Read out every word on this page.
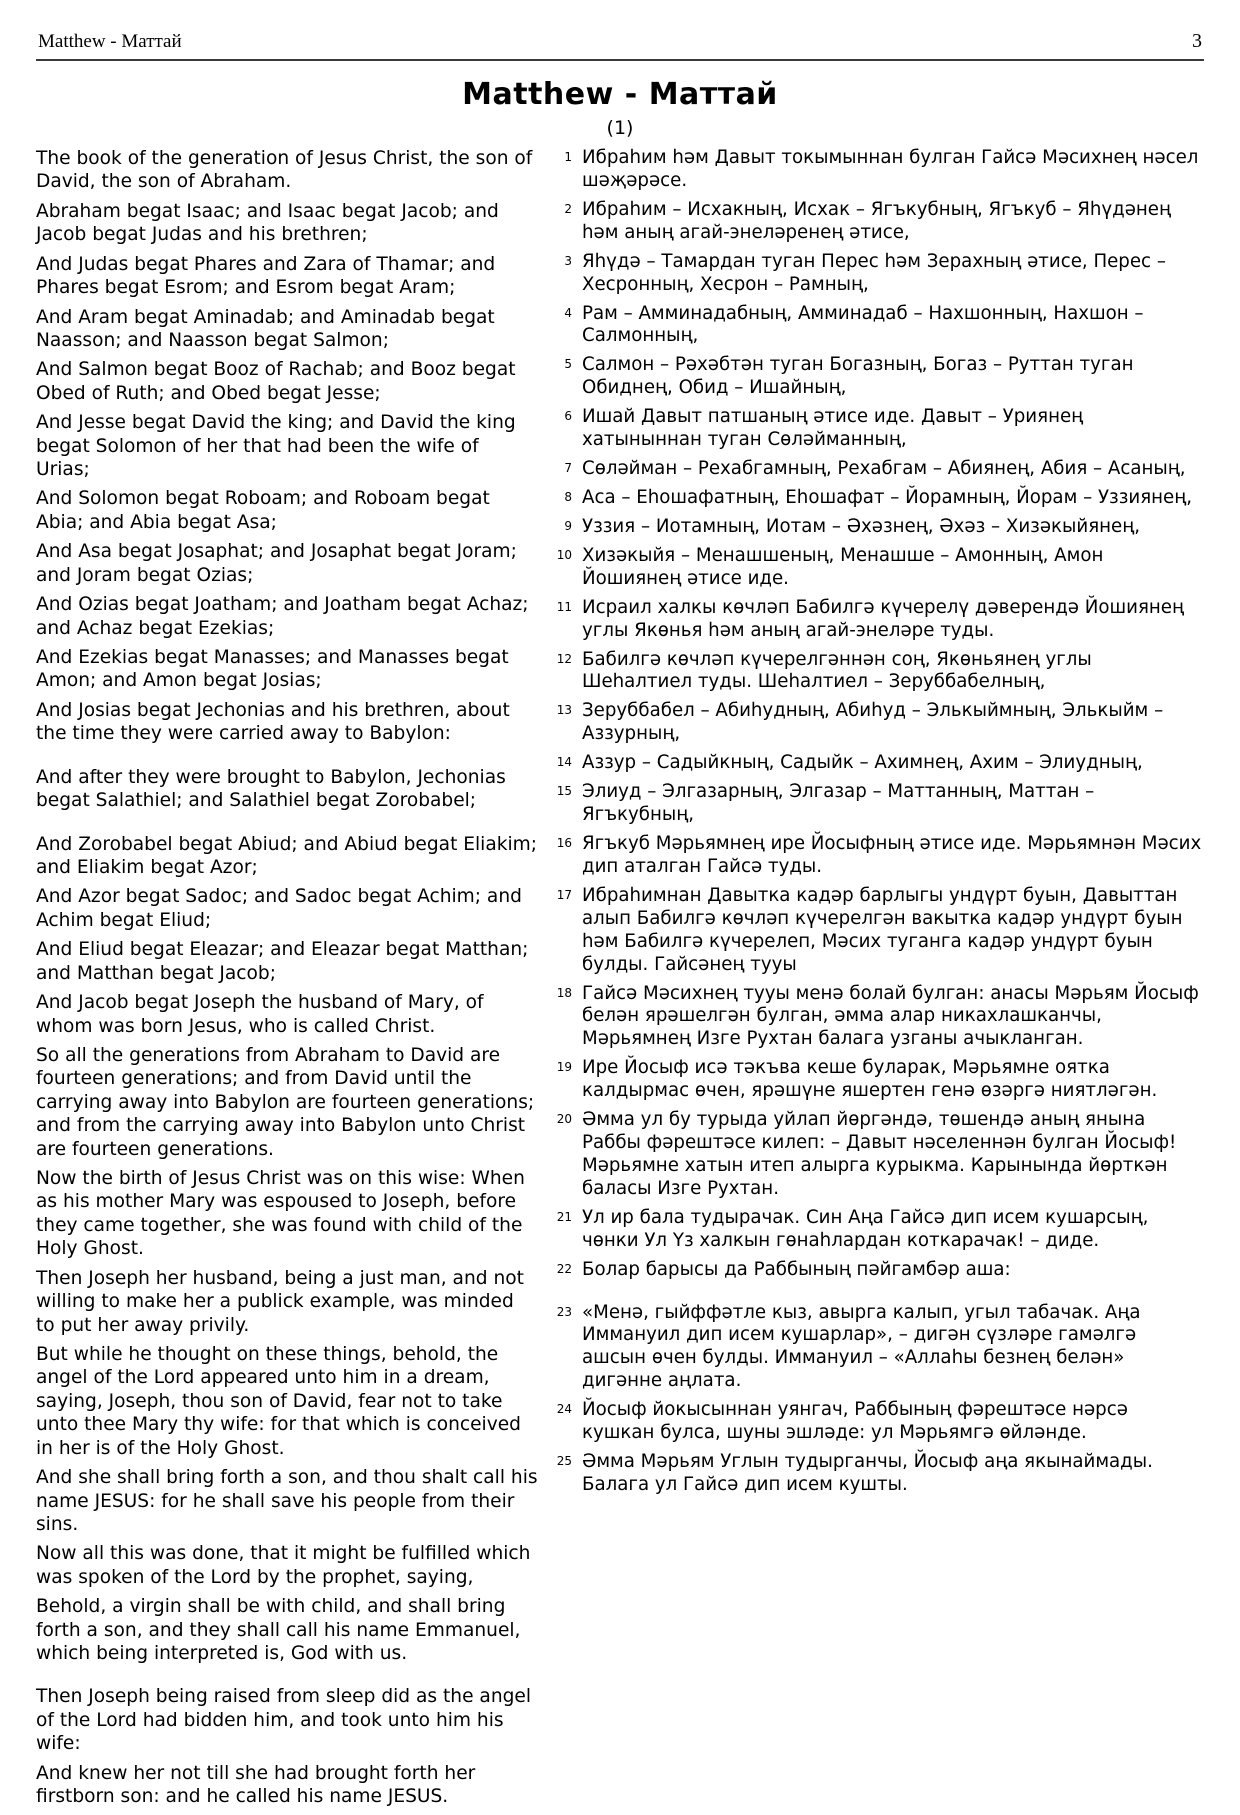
Matthew - Маттай	3
Matthew - Маттай
(1)
The book of the generation of Jesus Christ, the son of David, the son of Abraham.
Abraham begat Isaac; and Isaac begat Jacob; and Jacob begat Judas and his brethren;
And Judas begat Phares and Zara of Thamar; and Phares begat Esrom; and Esrom begat Aram;
And Aram begat Aminadab; and Aminadab begat Naasson; and Naasson begat Salmon;
And Salmon begat Booz of Rachab; and Booz begat Obed of Ruth; and Obed begat Jesse;
And Jesse begat David the king; and David the king begat Solomon of her that had been the wife of Urias;
And Solomon begat Roboam; and Roboam begat Abia; and Abia begat Asa;
And Asa begat Josaphat; and Josaphat begat Joram; and Joram begat Ozias;
And Ozias begat Joatham; and Joatham begat Achaz; and Achaz begat Ezekias;
And Ezekias begat Manasses; and Manasses begat Amon; and Amon begat Josias;
And Josias begat Jechonias and his brethren, about the time they were carried away to Babylon:
And after they were brought to Babylon, Jechonias begat Salathiel; and Salathiel begat Zorobabel;
And Zorobabel begat Abiud; and Abiud begat Eliakim; and Eliakim begat Azor;
And Azor begat Sadoc; and Sadoc begat Achim; and Achim begat Eliud;
And Eliud begat Eleazar; and Eleazar begat Matthan; and Matthan begat Jacob;
And Jacob begat Joseph the husband of Mary, of whom was born Jesus, who is called Christ.
So all the generations from Abraham to David are fourteen generations; and from David until the carrying away into Babylon are fourteen generations; and from the carrying away into Babylon unto Christ are fourteen generations.
Now the birth of Jesus Christ was on this wise: When as his mother Mary was espoused to Joseph, before they came together, she was found with child of the Holy Ghost.
Then Joseph her husband, being a just man, and not willing to make her a publick example, was minded to put her away privily.
But while he thought on these things, behold, the angel of the Lord appeared unto him in a dream, saying, Joseph, thou son of David, fear not to take unto thee Mary thy wife: for that which is conceived in her is of the Holy Ghost.
And she shall bring forth a son, and thou shalt call his name JESUS: for he shall save his people from their sins.
Now all this was done, that it might be fulfilled which was spoken of the Lord by the prophet, saying,
Behold, a virgin shall be with child, and shall bring forth a son, and they shall call his name Emmanuel, which being interpreted is, God with us.
Then Joseph being raised from sleep did as the angel of the Lord had bidden him, and took unto him his wife:
And knew her not till she had brought forth her firstborn son: and he called his name JESUS.
1 Ибраһим һәм Давыт токымыннан булган Гайсә Мәсихнең нәсел шәҗәрәсе.
2 Ибраһим – Исхакның, Исхак – Ягъкубның, Ягъкуб – Яһүдәнең һәм аның агай-энеләренең әтисе,
3 Яһүдә – Тамардан туган Перес һәм Зерахның әтисе, Перес – Хесронның, Хесрон – Рамның,
4 Рам – Амминадабның, Амминадаб – Нахшонның, Нахшон – Салмонның,
5 Салмон – Рәхәбтән туган Богазның, Богаз – Руттан туган Обиднең, Обид – Ишайның,
6 Ишай Давыт патшаның әтисе иде. Давыт – Уриянең хатыныннан туган Сөләйманның,
7 Сөләйман – Рехабгамның, Рехабгам – Абиянең, Абия – Асаның,
8 Аса – Еһошафатның, Еһошафат – Йорамның, Йорам – Уззиянең,
9 Уззия – Иотамның, Иотам – Әхәзнең, Әхәз – Хизәкыйянең,
10 Хизәкыйя – Менашшеның, Менашше – Амонның, Амон Йошиянең әтисе иде.
11 Исраил халкы көчләп Бабилгә күчерелү дәверендә Йошиянең углы Якөнья һәм аның агай-энеләре туды.
12 Бабилгә көчләп күчерелгәннән соң, Якөньянең углы Шеһалтиел туды. Шеһалтиел – Зеруббабелның,
13 Зеруббабел – Абиһудның, Абиһуд – Элькыймның, Элькыйм – Аззурның,
14 Аззур – Садыйкның, Садыйк – Ахимнең, Ахим – Элиудның,
15 Элиуд – Элгазарның, Элгазар – Маттанның, Маттан – Ягъкубның,
16 Ягъкуб Мәрьямнең ире Йосыфның әтисе иде. Мәрьямнән Мәсих дип аталган Гайсә туды.
17 Ибраһимнан Давытка кадәр барлыгы ундүрт буын, Давыттан алып Бабилгә көчләп күчерелгән вакытка кадәр ундүрт буын һәм Бабилгә күчерелеп, Мәсих туганга кадәр ундүрт буын булды. Гайсәнең тууы
18 Гайсә Мәсихнең тууы менә болай булган: анасы Мәрьям Йосыф белән ярәшелгән булган, әмма алар никахлашканчы, Мәрьямнең Изге Рухтан балага узганы ачыкланган.
19 Ире Йосыф исә тәкъва кеше буларак, Мәрьямне оятка калдырмас өчен, ярәшүне яшертен генә өзәргә ниятләгән.
20 Әмма ул бу турыда уйлап йөргәндә, төшендә аның янына Раббы фәрештәсе килеп: – Давыт нәселеннән булган Йосыф! Мәрьямне хатын итеп алырга курыкма. Карынында йөрткән баласы Изге Рухтан.
21 Ул ир бала тудырачак. Син Аңа Гайсә дип исем кушарсың, чөнки Ул Үз халкын гөнаһлардан коткарачак! – диде.
22 Болар барысы да Раббының пәйгамбәр аша:
23 «Менә, гыйффәтле кыз, авырга калып, угыл табачак. Аңа Иммануил дип исем кушарлар», – дигән сүзләре гамәлгә ашсын өчен булды. Иммануил – «Аллаһы безнең белән» дигәнне аңлата.
24 Йосыф йокысыннан уянгач, Раббының фәрештәсе нәрсә кушкан булса, шуны эшләде: ул Мәрьямгә өйләнде.
25 Әмма Мәрьям Углын тудырганчы, Йосыф аңа якынаймады. Балага ул Гайсә дип исем кушты.
